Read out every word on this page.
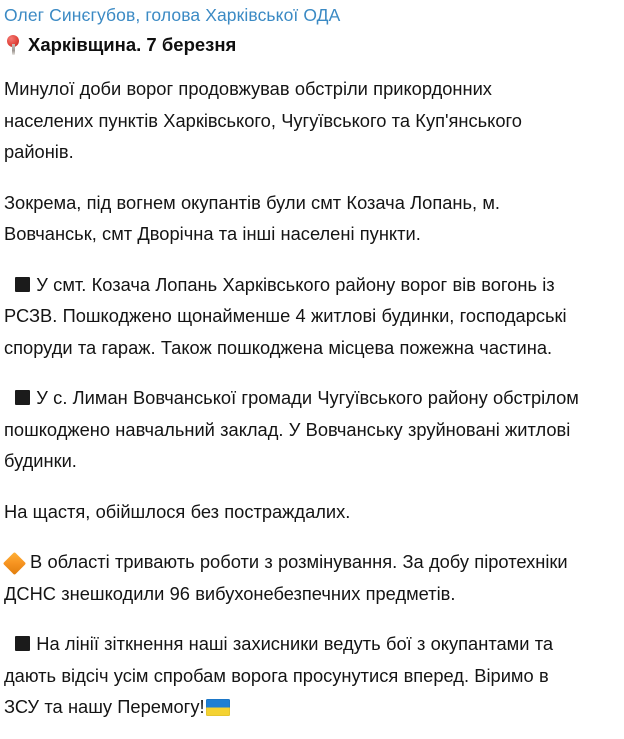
Олег Синєгубов, голова Харківської ОДА
Харківщина. 7 березня

Минулої доби ворог продовжував обстріли прикордонних населених пунктів Харківського, Чугуївського та Куп'янського районів.

Зокрема, під вогнем окупантів були смт Козача Лопань, м. Вовчанськ, смт Дворічна та інші населені пункти.

У смт. Козача Лопань Харківського району ворог вів вогонь із РСЗВ. Пошкоджено щонайменше 4 житлові будинки, господарські споруди та гараж. Також пошкоджена місцева пожежна частина.

У с. Лиман Вовчанської громади Чугуївського району обстрілом пошкоджено навчальний заклад. У Вовчанську зруйновані житлові будинки.

На щастя, обійшлося без постраждалих.

В області тривають роботи з розмінування. За добу піротехніки ДСНС знешкодили 96 вибухонебезпечних предметів.

На лінії зіткнення наші захисники ведуть бої з окупантами та дають відсіч усім спробам ворога просунутися вперед. Віримо в ЗСУ та нашу Перемогу!
